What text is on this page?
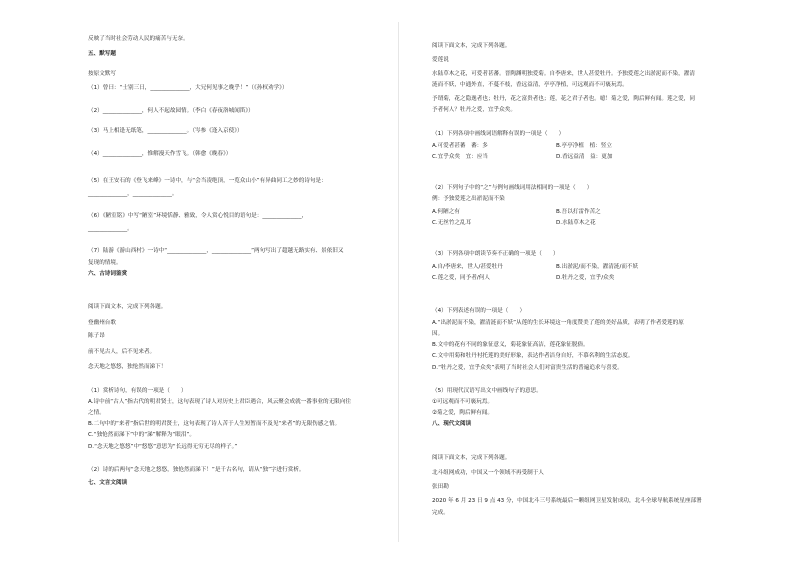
反映了当时社会劳动人民的痛苦与无奈。
五、默写题
按原文默写
（1）曾曰：“士别三日，______________，大兄何见事之晚乎！”（《孙权劝学》）
（2）______________，何人不起故园情。（李白《春夜洛城闻笛》）
（3）马上相逢无纸笔，______________。（岑参《逢入京使》）
（4）______________，惟解漫天作雪飞。（韩愈《晚春》）
（5）在王安石的《登飞来峰》一诗中，与“会当凌绝顶，一览众山小”有异曲同工之妙的诗句是：
______________，______________。
（6）《陋室铭》中写“陋室”环境恬静、雅致，令人赏心悦目的语句是：______________，
______________。
（7）陆游《游山西村》一诗中“______________，______________”两句写出了超越无路实有、景依旧又
复现的情境。
六、古诗词鉴赏
阅读下面文本，完成下列各题。
登幽州台歌
陈子昂
前不见古人，后不见来者。
念天地之悠悠，独怆然而涕下！
（1）赏析诗句，有误的一项是（　　）
A.诗中前“古人”指古代的明君贤士，这句表现了诗人对历史上君臣遇合，风云聚会成就一番事业的无限向往
之情。
B.二句中的“来者”指后世的明君贤士，这句表现了诗人苦于人生短暂而不及见“来者”的无限伤感之情。
C.“独怆然而涕下”中的“涕”解释为“眼泪”。
D.“念天地之悠悠”中“悠悠”意思为“长远得无穷无尽的样子。”
（2）诗的后两句“念天地之悠悠，独怆然而涕下！”是千古名句，请从“独”字进行赏析。
七、文言文阅读
阅读下面文本，完成下列各题。
爱莲说
水陆草木之花，可爱者甚蕃。晋陶渊明独爱菊。自李唐来，世人甚爱牡丹。予独爱莲之出淤泥而不染，濯清
涟而不妖，中通外直，不蔓不枝，香远益清，亭亭净植，可远观而不可亵玩焉。
予谓菊，花之隐逸者也；牡丹，花之富贵者也；莲，花之君子者也。噫！菊之爱，陶后鲜有闻。莲之爱，同
予者何人？牡丹之爱，宜乎众矣。
（1）下列各项中画线词语解释有误的一项是（　　）
A.可爱者甚蕃　蕃：多	B.亭亭净植　植：竖立
C.宜乎众矣　宜：应当	D.香远益清　益：更加
（2）下列句子中的“之”与例句画线词用法相同的一项是（　　）
例：予独爱莲之出淤泥而不染
A.何陋之有	B.吾以打雷作苦之
C.无丝竹之乱耳	D.水陆草木之花
（3）下列各项中朗读节奏不正确的一项是（　　）
A.自/李唐来，世人/甚爱牡丹	B.出淤泥/而不染，濯清涟/而不妖
C.莲之爱，同予者/何人	D.牡丹之爱，宜乎/众矣
（4）下列表述有误的一项是（　　）
A.“出淤泥而不染，濯清涟而不妖”从莲的生长环境这一角度赞美了莲的美好品质，表明了作者爱莲的原
因。
B.文中的花有不同的象征意义，菊花象征高洁，莲花象征脱俗。
C.文中用菊和牡丹衬托莲的美好形象，表达作者洁身自好，不慕名利的生活态度。
D.“牡丹之爱，宜乎众矣”表明了当时社会人们对富贵生活的普遍追求与喜爱。
（5）用现代汉语写出文中画线句子的意思。
①可远观而不可亵玩焉。
②菊之爱，陶后鲜有闻。
八、现代文阅读
阅读下面文本，完成下列各题。
北斗组网成功，中国又一个领域不再受制于人
张田勘
2020 年 6 月 23 日 9 点 43 分，中国北斗三号系统最后一颗组网卫星发射成功，北斗全球导航系统星座部署
完成。
